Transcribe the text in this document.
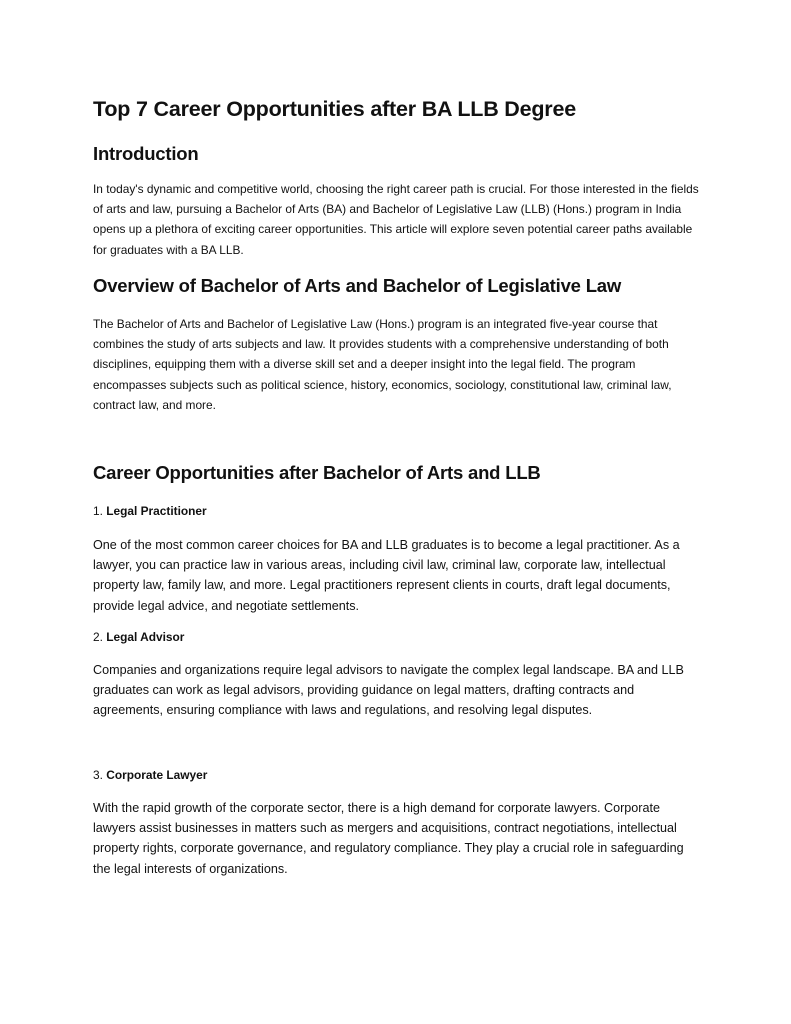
Top 7 Career Opportunities after BA LLB Degree
Introduction

In today's dynamic and competitive world, choosing the right career path is crucial. For those interested in the fields of arts and law, pursuing a Bachelor of Arts (BA) and Bachelor of Legislative Law (LLB) (Hons.) program in India opens up a plethora of exciting career opportunities. This article will explore seven potential career paths available for graduates with a BA LLB.

Overview of Bachelor of Arts and Bachelor of Legislative Law

The Bachelor of Arts and Bachelor of Legislative Law (Hons.) program is an integrated five-year course that combines the study of arts subjects and law. It provides students with a comprehensive understanding of both disciplines, equipping them with a diverse skill set and a deeper insight into the legal field. The program encompasses subjects such as political science, history, economics, sociology, constitutional law, criminal law, contract law, and more.

Career Opportunities after Bachelor of Arts and LLB
1. Legal Practitioner

One of the most common career choices for BA and LLB graduates is to become a legal practitioner. As a lawyer, you can practice law in various areas, including civil law, criminal law, corporate law, intellectual property law, family law, and more. Legal practitioners represent clients in courts, draft legal documents, provide legal advice, and negotiate settlements.

2. Legal Advisor

Companies and organizations require legal advisors to navigate the complex legal landscape. BA and LLB graduates can work as legal advisors, providing guidance on legal matters, drafting contracts and agreements, ensuring compliance with laws and regulations, and resolving legal disputes.

3. Corporate Lawyer

With the rapid growth of the corporate sector, there is a high demand for corporate lawyers. Corporate lawyers assist businesses in matters such as mergers and acquisitions, contract negotiations, intellectual property rights, corporate governance, and regulatory compliance. They play a crucial role in safeguarding the legal interests of organizations.
